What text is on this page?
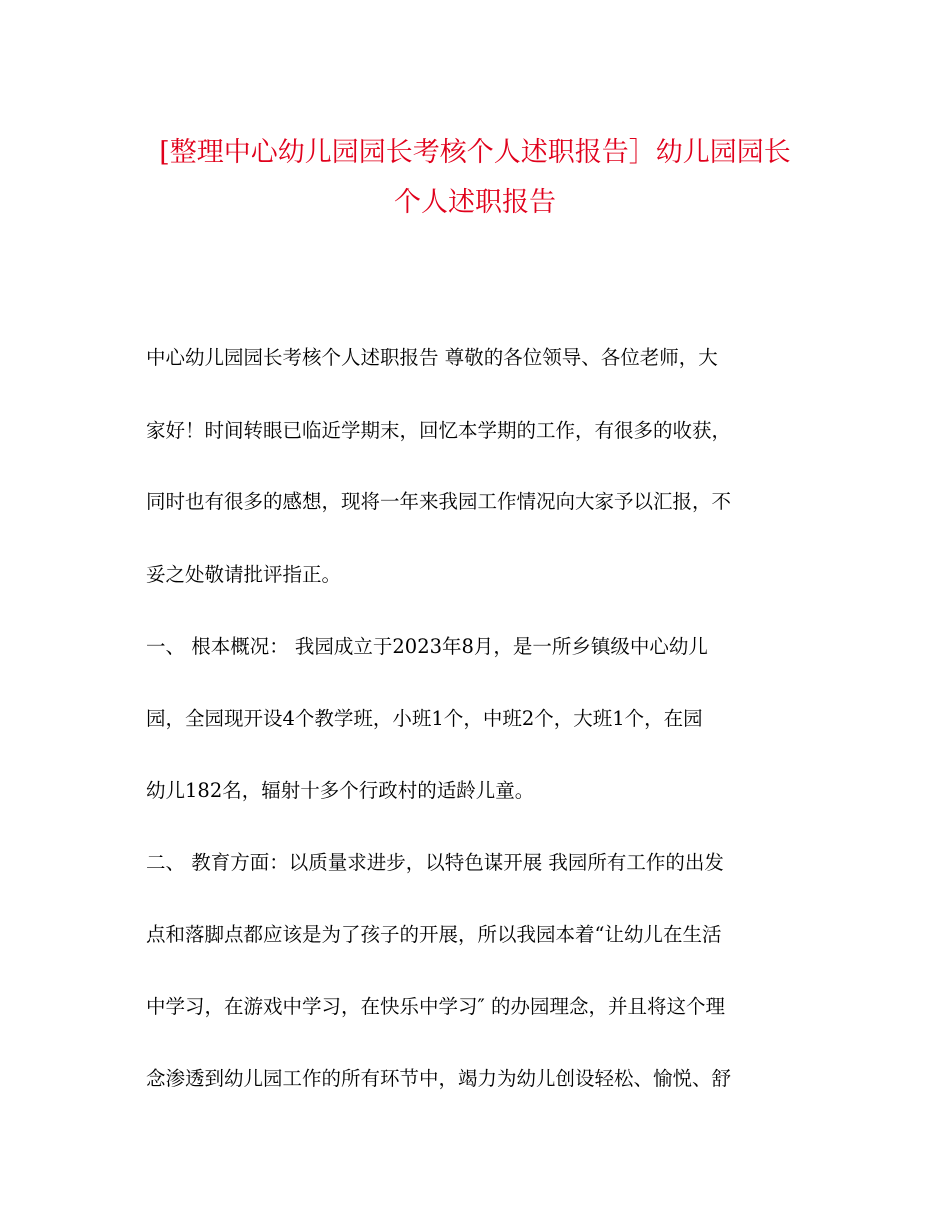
[整理中心幼儿园园长考核个人述职报告］幼儿园园长
个人述职报告

中心幼儿园园长考核个人述职报告 尊敬的各位领导、各位老师，大

家好！时间转眼已临近学期末，回忆本学期的工作，有很多的收获，

同时也有很多的感想，现将一年来我园工作情况向大家予以汇报，不

妥之处敬请批评指正。

一、 根本概况： 我园成立于2023年8月，是一所乡镇级中心幼儿

园，全园现开设4个教学班，小班1个，中班2个，大班1个，在园

幼儿182名，辐射十多个行政村的适龄儿童。

二、 教育方面：以质量求进步，以特色谋开展 我园所有工作的出发

点和落脚点都应该是为了孩子的开展，所以我园本着“让幼儿在生活

中学习，在游戏中学习，在快乐中学习″ 的办园理念，并且将这个理

念渗透到幼儿园工作的所有环节中，竭力为幼儿创设轻松、愉悦、舒
